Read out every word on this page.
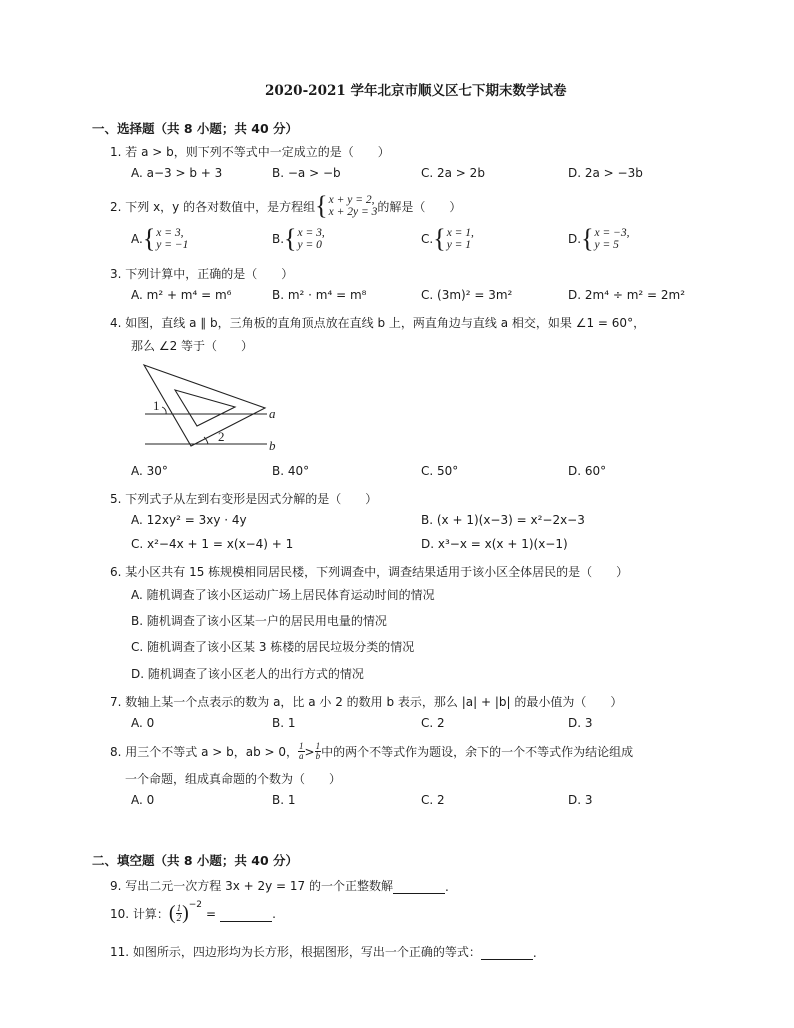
2020-2021 学年北京市顺义区七下期末数学试卷
一、选择题（共 8 小题；共 40 分）
1. 若 a > b，则下列不等式中一定成立的是（　　）
A. a−3 > b + 3	B. −a > −b	C. 2a > 2b	D. 2a > −3b
2. 下列 x，y 的各对数值中，是方程组 { x + y = 2,
x + 2y = 3 的解是（　　）
A. { x = 3,
y = −1	B. { x = 3,
y = 0	C. { x = 1,
y = 1	D. { x = −3,
y = 5
3. 下列计算中，正确的是（　　）
A. m² + m⁴ = m⁶	B. m² · m⁴ = m⁸	C. (3m)² = 3m²	D. 2m⁴ ÷ m² = 2m²
4. 如图，直线 a ∥ b，三角板的直角顶点放在直线 b 上，两直角边与直线 a 相交，如果 ∠1 = 60°，
那么 ∠2 等于（　　）
1
2
a
b
A. 30°	B. 40°	C. 50°	D. 60°
5. 下列式子从左到右变形是因式分解的是（　　）
A. 12xy² = 3xy · 4y	B. (x + 1)(x−3) = x²−2x−3
C. x²−4x + 1 = x(x−4) + 1	D. x³−x = x(x + 1)(x−1)
6. 某小区共有 15 栋规模相同居民楼，下列调查中，调查结果适用于该小区全体居民的是（　　）
A. 随机调查了该小区运动广场上居民体育运动时间的情况
B. 随机调查了该小区某一户的居民用电量的情况
C. 随机调查了该小区某 3 栋楼的居民垃圾分类的情况
D. 随机调查了该小区老人的出行方式的情况
7. 数轴上某一个点表示的数为 a，比 a 小 2 的数用 b 表示，那么 |a| + |b| 的最小值为（　　）
A. 0	B. 1	C. 2	D. 3
8. 用三个不等式 a > b，ab > 0， $\frac{1}{a} > \frac{1}{b}$ 中的两个不等式作为题设，余下的一个不等式作为结论组成
一个命题，组成真命题的个数为（　　）
A. 0	B. 1	C. 2	D. 3
二、填空题（共 8 小题；共 40 分）
9. 写出二元一次方程 3x + 2y = 17 的一个正整数解	.
10. 计算： ( $\frac{1}{2}$ ) −2
=	.
11. 如图所示，四边形均为长方形，根据图形，写出一个正确的等式：	.
